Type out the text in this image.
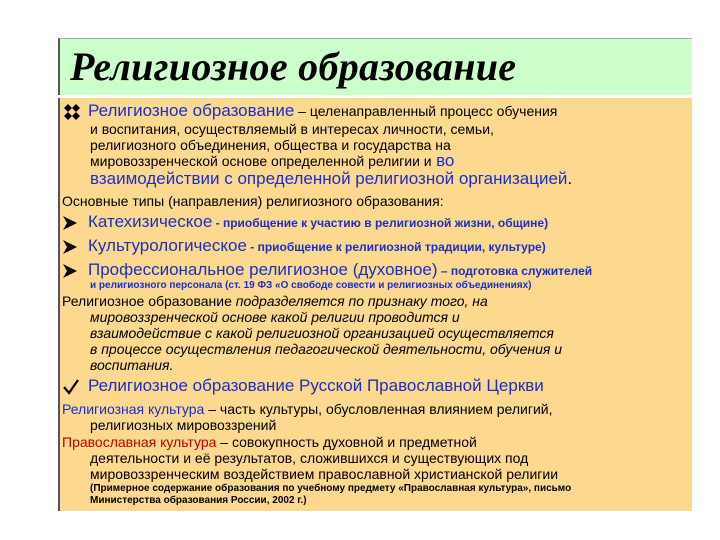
Религиозное образование

Религиозное образование – целенаправленный процесс обучения

и воспитания, осуществляемый в интересах личности, семьи,

религиозного объединения, общества и государства на

мировоззренческой основе определенной религии и во

взаимодействии с определенной религиозной организацией.

Основные типы (направления) религиозного образования:

Катехизическое - приобщение к участию в религиозной жизни, общине)

Культурологическое - приобщение к религиозной традиции, культуре)

Профессиональное религиозное (духовное) – подготовка служителей

и религиозного персонала (ст. 19 ФЗ «О свободе совести и религиозных объединениях)

Религиозное образование подразделяется по признаку того, на

мировоззренческой основе какой религии проводится и

взаимодействие с какой религиозной организацией осуществляется

в процессе осуществления педагогической деятельности, обучения и

воспитания.

Религиозное образование Русской Православной Церкви

Религиозная культура – часть культуры, обусловленная влиянием религий,

религиозных мировоззрений

Православная культура – совокупность духовной и предметной

деятельности и её результатов, сложившихся и существующих под

мировоззренческим воздействием православной христианской религии

(Примерное содержание образования по учебному предмету «Православная культура», письмо

Министерства образования России, 2002 г.)
